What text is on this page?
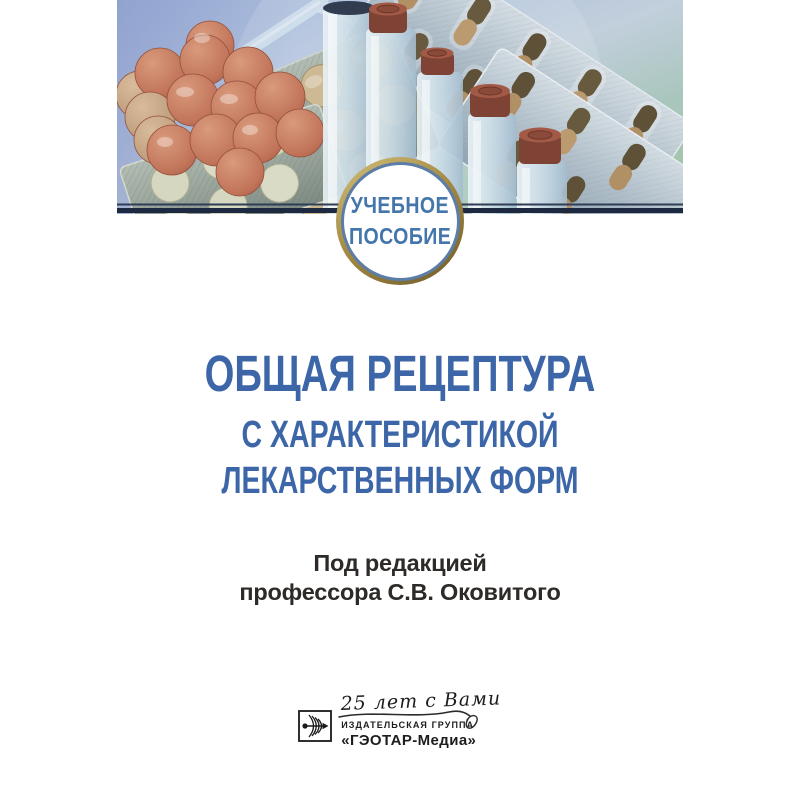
УЧЕБНОЕ
ПОСОБИЕ
ОБЩАЯ РЕЦЕПТУРА
С ХАРАКТЕРИСТИКОЙ
ЛЕКАРСТВЕННЫХ ФОРМ
Под редакцией
профессора С.В. Оковитого
25 лет с Вами
ИЗДАТЕЛЬСКАЯ ГРУППА
«ГЭОТАР-Медиа»
